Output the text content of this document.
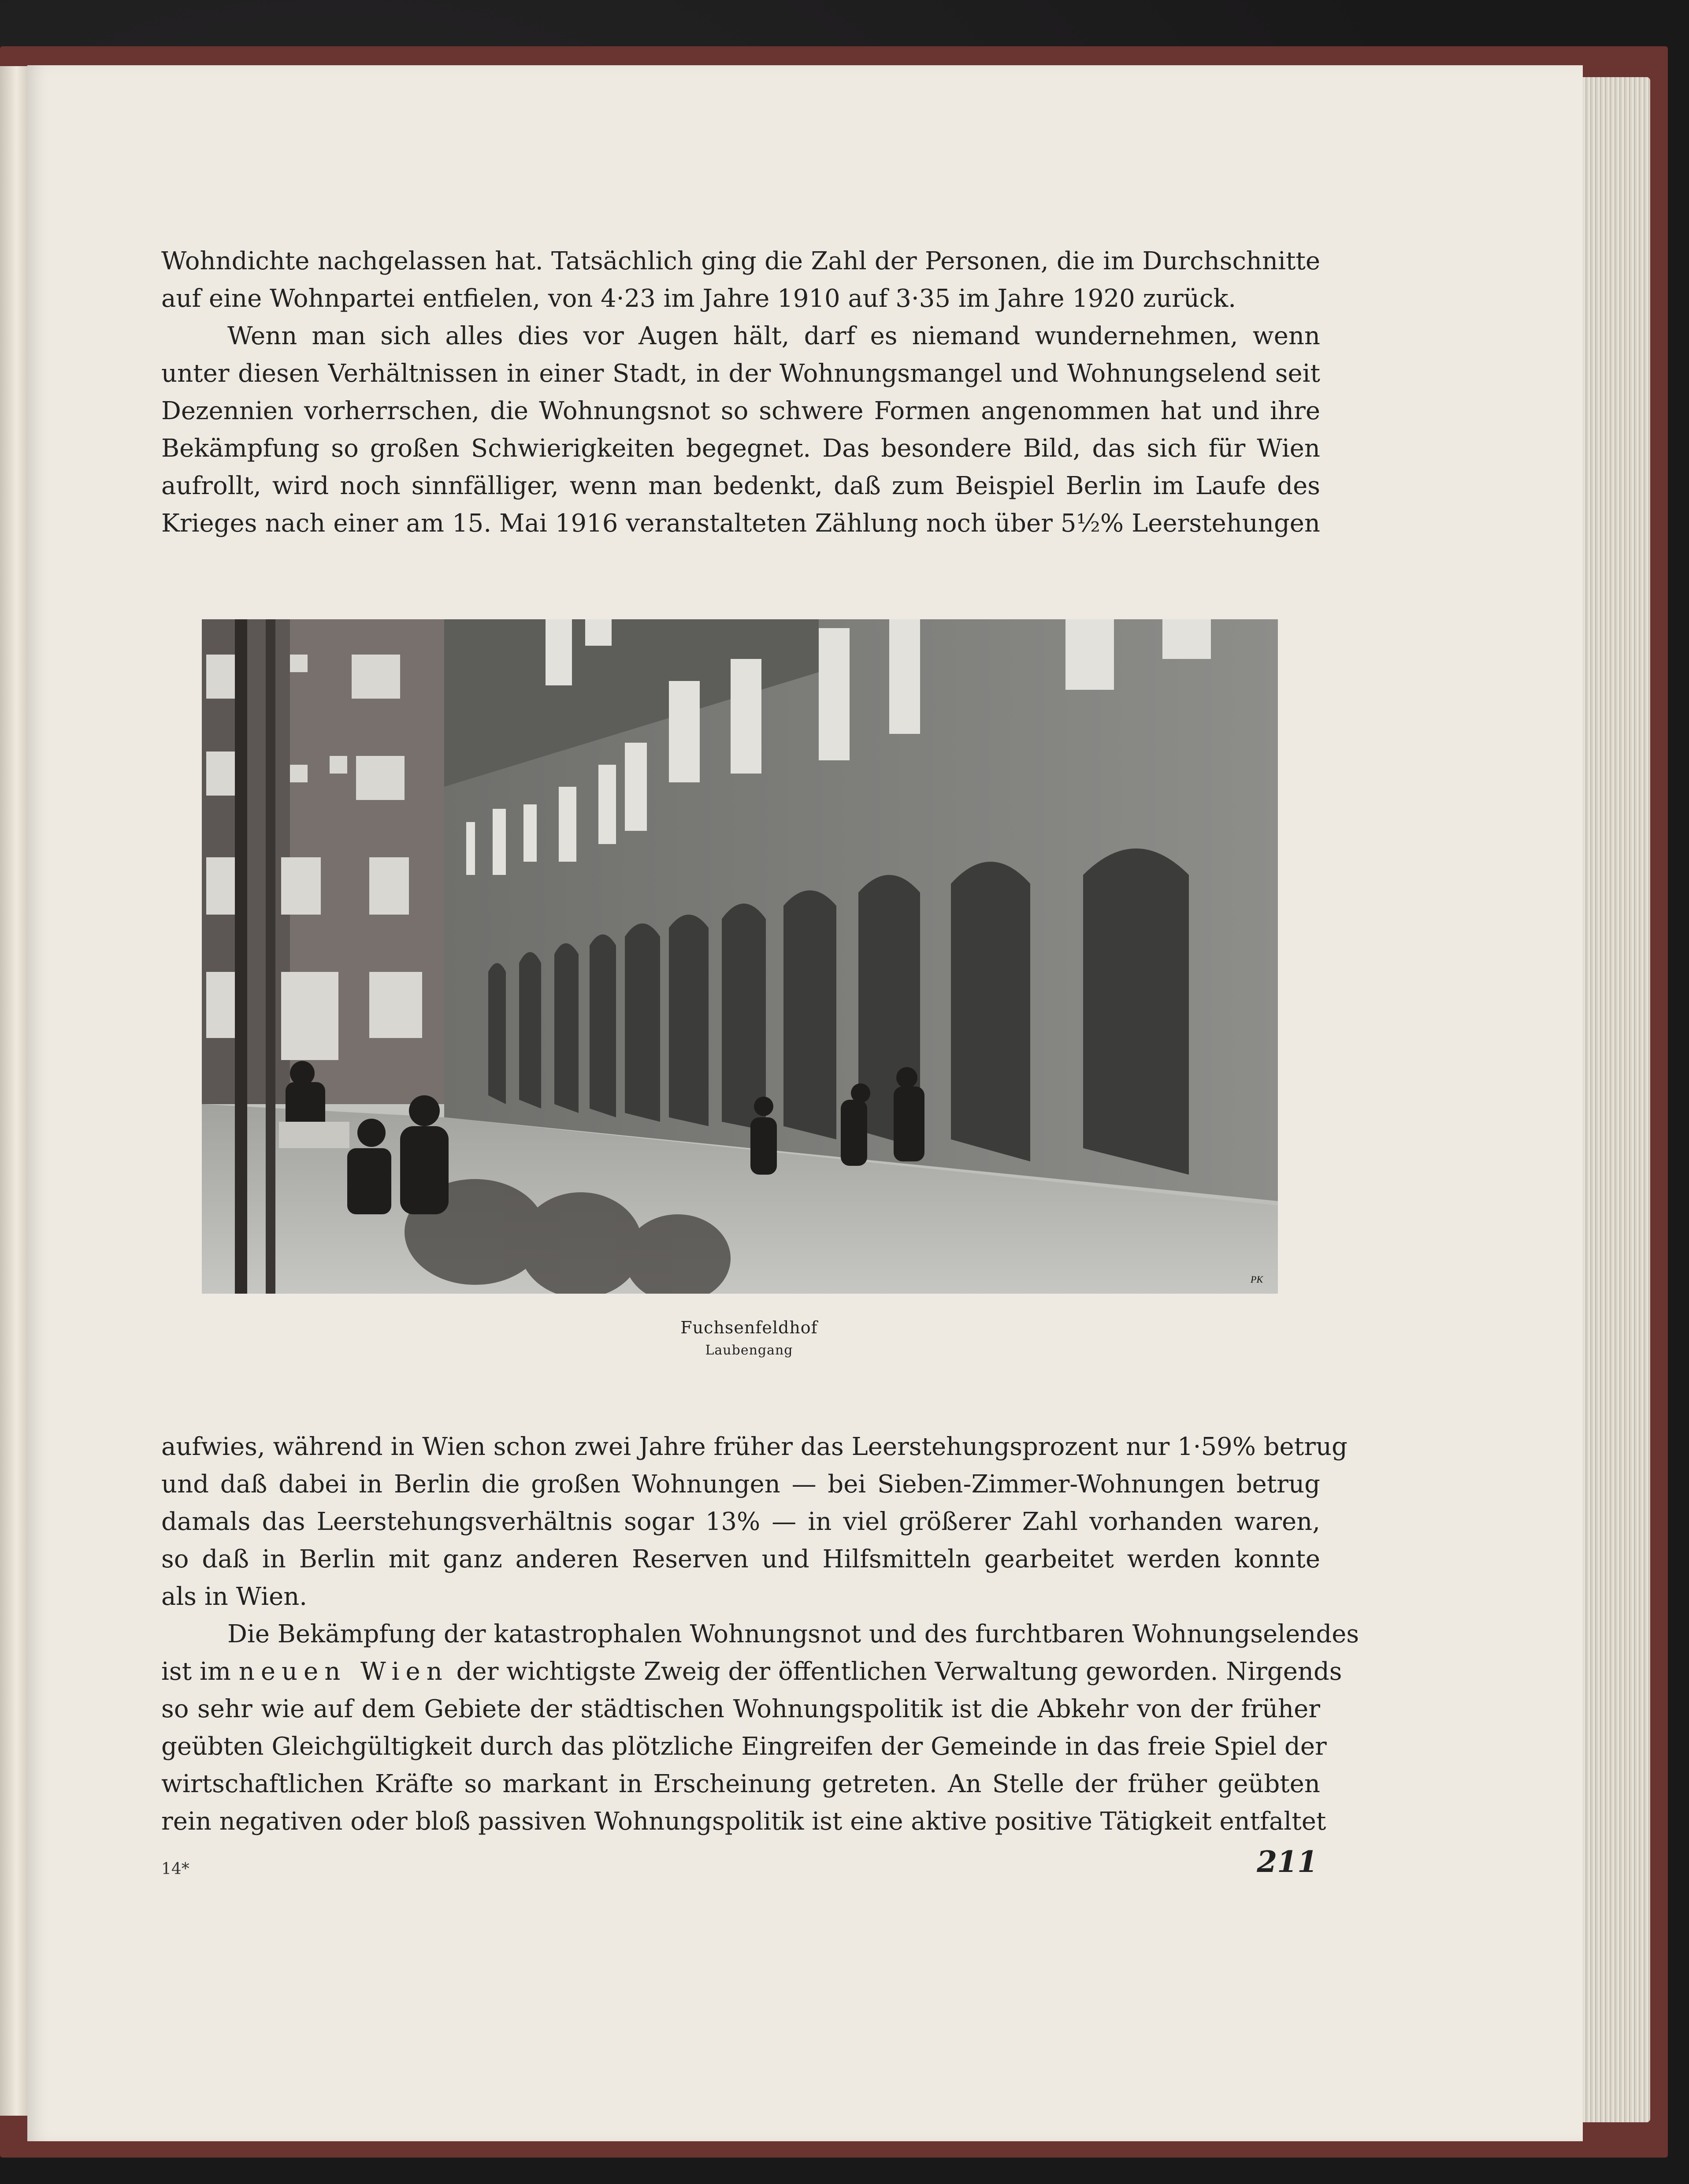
Wohndichte nachgelassen hat. Tatsächlich ging die Zahl der Personen, die im Durchschnitte
auf eine Wohnpartei entfielen, von 4·23 im Jahre 1910 auf 3·35 im Jahre 1920 zurück.
Wenn man sich alles dies vor Augen hält, darf es niemand wundernehmen, wenn
unter diesen Verhältnissen in einer Stadt, in der Wohnungsmangel und Wohnungselend seit
Dezennien vorherrschen, die Wohnungsnot so schwere Formen angenommen hat und ihre
Bekämpfung so großen Schwierigkeiten begegnet. Das besondere Bild, das sich für Wien
aufrollt, wird noch sinnfälliger, wenn man bedenkt, daß zum Beispiel Berlin im Laufe des
Krieges nach einer am 15. Mai 1916 veranstalteten Zählung noch über 5½% Leerstehungen
PK
Fuchsenfeldhof
Laubengang
aufwies, während in Wien schon zwei Jahre früher das Leerstehungsprozent nur 1·59% betrug
und daß dabei in Berlin die großen Wohnungen — bei Sieben-Zimmer-Wohnungen betrug
damals das Leerstehungsverhältnis sogar 13% — in viel größerer Zahl vorhanden waren,
so daß in Berlin mit ganz anderen Reserven und Hilfsmitteln gearbeitet werden konnte
als in Wien.
Die Bekämpfung der katastrophalen Wohnungsnot und des furchtbaren Wohnungselendes
ist im neuen Wien der wichtigste Zweig der öffentlichen Verwaltung geworden. Nirgends
so sehr wie auf dem Gebiete der städtischen Wohnungspolitik ist die Abkehr von der früher
geübten Gleichgültigkeit durch das plötzliche Eingreifen der Gemeinde in das freie Spiel der
wirtschaftlichen Kräfte so markant in Erscheinung getreten. An Stelle der früher geübten
rein negativen oder bloß passiven Wohnungspolitik ist eine aktive positive Tätigkeit entfaltet
14*	211
